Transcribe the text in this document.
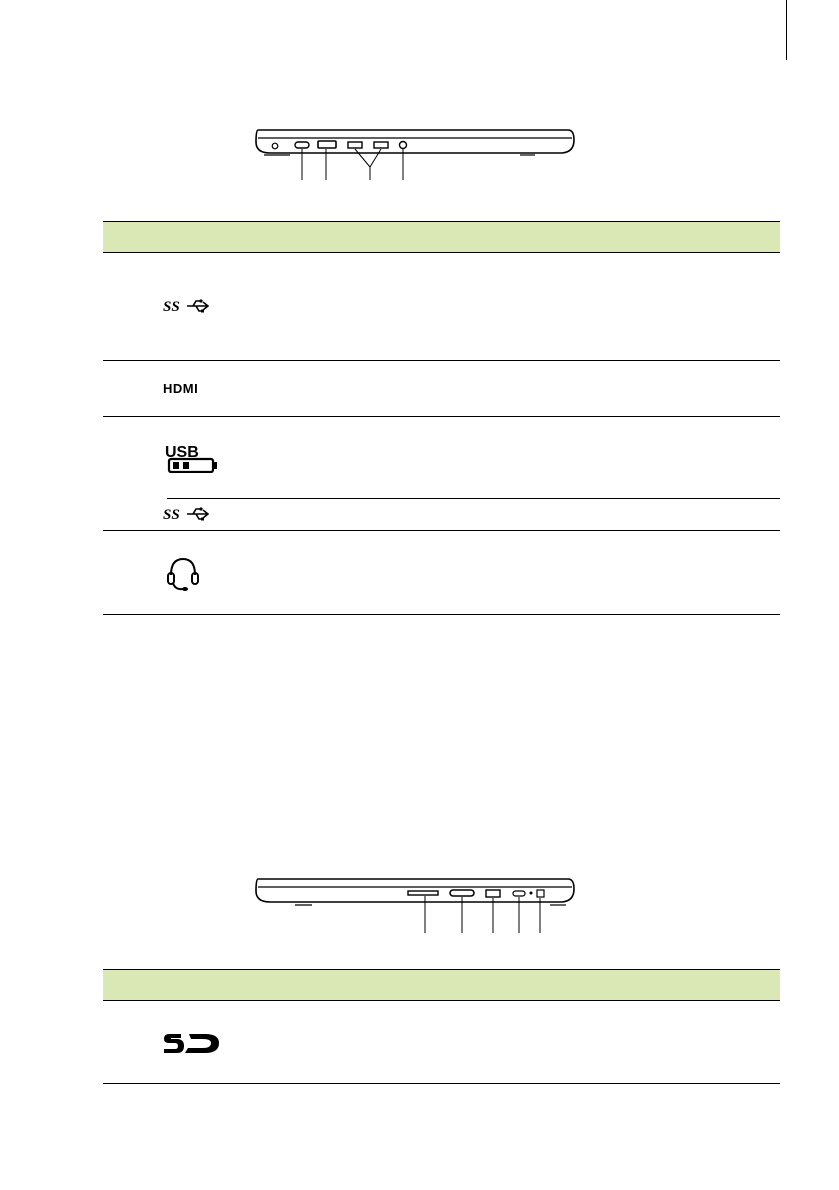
SS
HDMI
USB
SS
